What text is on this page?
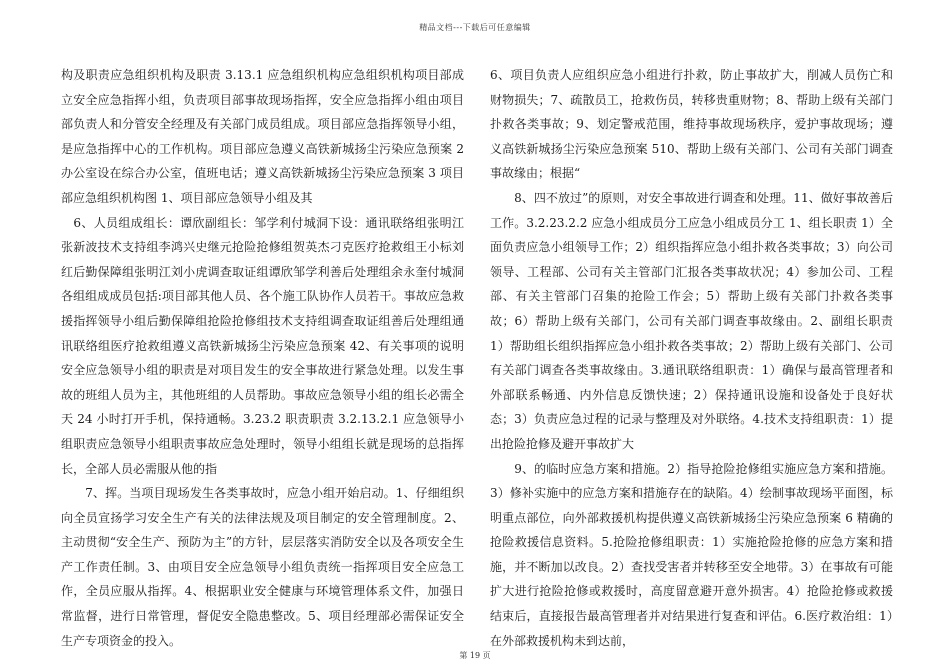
精品文档---下载后可任意编辑

构及职责应急组织机构及职责 3.13.1 应急组织机构应急组织机构项目部成立安全应急指挥小组，负责项目部事故现场指挥，安全应急指挥小组由项目部负责人和分管安全经理及有关部门成员组成。项目部应急指挥领导小组，是应急指挥中心的工作机构。项目部应急遵义高铁新城扬尘污染应急预案 2 办公室设在综合办公室，值班电话；遵义高铁新城扬尘污染应急预案 3 项目部应急组织机构图 1、项目部应急领导小组及其

　6、人员组成组长：谭欣副组长：邹学利付城洞下设：通讯联络组张明江张新波技术支持组李鸿兴史继元抢险抢修组贺英杰刁克医疗抢救组王小标刘红后勤保障组张明江刘小虎调查取证组谭欣邹学利善后处理组余永奎付城洞各组组成成员包括:项目部其他人员、各个施工队协作人员若干。事故应急救援指挥领导小组后勤保障组抢险抢修组技术支持组调查取证组善后处理组通讯联络组医疗抢救组遵义高铁新城扬尘污染应急预案 42、有关事项的说明安全应急领导小组的职责是对项目发生的安全事故进行紧急处理。以发生事故的班组人员为主，其他班组的人员帮助。事故应急领导小组的组长必需全天 24 小时打开手机，保持通畅。3.23.2 职责职责 3.2.13.2.1 应急领导小组职责应急领导小组职责事故应急处理时，领导小组组长就是现场的总指挥长，全部人员必需服从他的指

　　7、挥。当项目现场发生各类事故时，应急小组开始启动。1、仔细组织向全员宣扬学习安全生产有关的法律法规及项目制定的安全管理制度。2、主动贯彻“安全生产、预防为主”的方针，层层落实消防安全以及各项安全生产工作责任制。3、由项目安全应急领导小组负责统一指挥项目安全应急工作，全员应服从指挥。4、根据职业安全健康与环境管理体系文件，加强日常监督，进行日常管理，督促安全隐患整改。5、项目经理部必需保证安全生产专项资金的投入。

6、项目负责人应组织应急小组进行扑救，防止事故扩大，削减人员伤亡和财物损失；7、疏散员工，抢救伤员，转移贵重财物；8、帮助上级有关部门扑救各类事故；9、划定警戒范围，维持事故现场秩序，爱护事故现场；遵义高铁新城扬尘污染应急预案 510、帮助上级有关部门、公司有关部门调查事故缘由；根据“

　　8、四不放过”的原则，对安全事故进行调查和处理。11、做好事故善后工作。3.2.23.2.2 应急小组成员分工应急小组成员分工 1、组长职责 1）全面负责应急小组领导工作；2）组织指挥应急小组扑救各类事故；3）向公司领导、工程部、公司有关主管部门汇报各类事故状况；4）参加公司、工程部、有关主管部门召集的抢险工作会；5）帮助上级有关部门扑救各类事故；6）帮助上级有关部门，公司有关部门调查事故缘由。2、副组长职责 1）帮助组长组织指挥应急小组扑救各类事故；2）帮助上级有关部门、公司有关部门调查各类事故缘由。3.通讯联络组职责：1）确保与最高管理者和外部联系畅通、内外信息反馈快速；2）保持通讯设施和设备处于良好状态；3）负责应急过程的记录与整理及对外联络。4.技术支持组职责：1）提出抢险抢修及避开事故扩大

　　9、的临时应急方案和措施。2）指导抢险抢修组实施应急方案和措施。3）修补实施中的应急方案和措施存在的缺陷。4）绘制事故现场平面图，标明重点部位，向外部救援机构提供遵义高铁新城扬尘污染应急预案 6 精确的抢险救援信息资料。5.抢险抢修组职责：1）实施抢险抢修的应急方案和措施，并不断加以改良。2）查找受害者并转移至安全地带。3）在事故有可能扩大进行抢险抢修或救援时，高度留意避开意外损害。4）抢险抢修或救援结束后，直接报告最高管理者并对结果进行复查和评估。6.医疗救治组：1）在外部救援机构未到达前，

第 19 页
